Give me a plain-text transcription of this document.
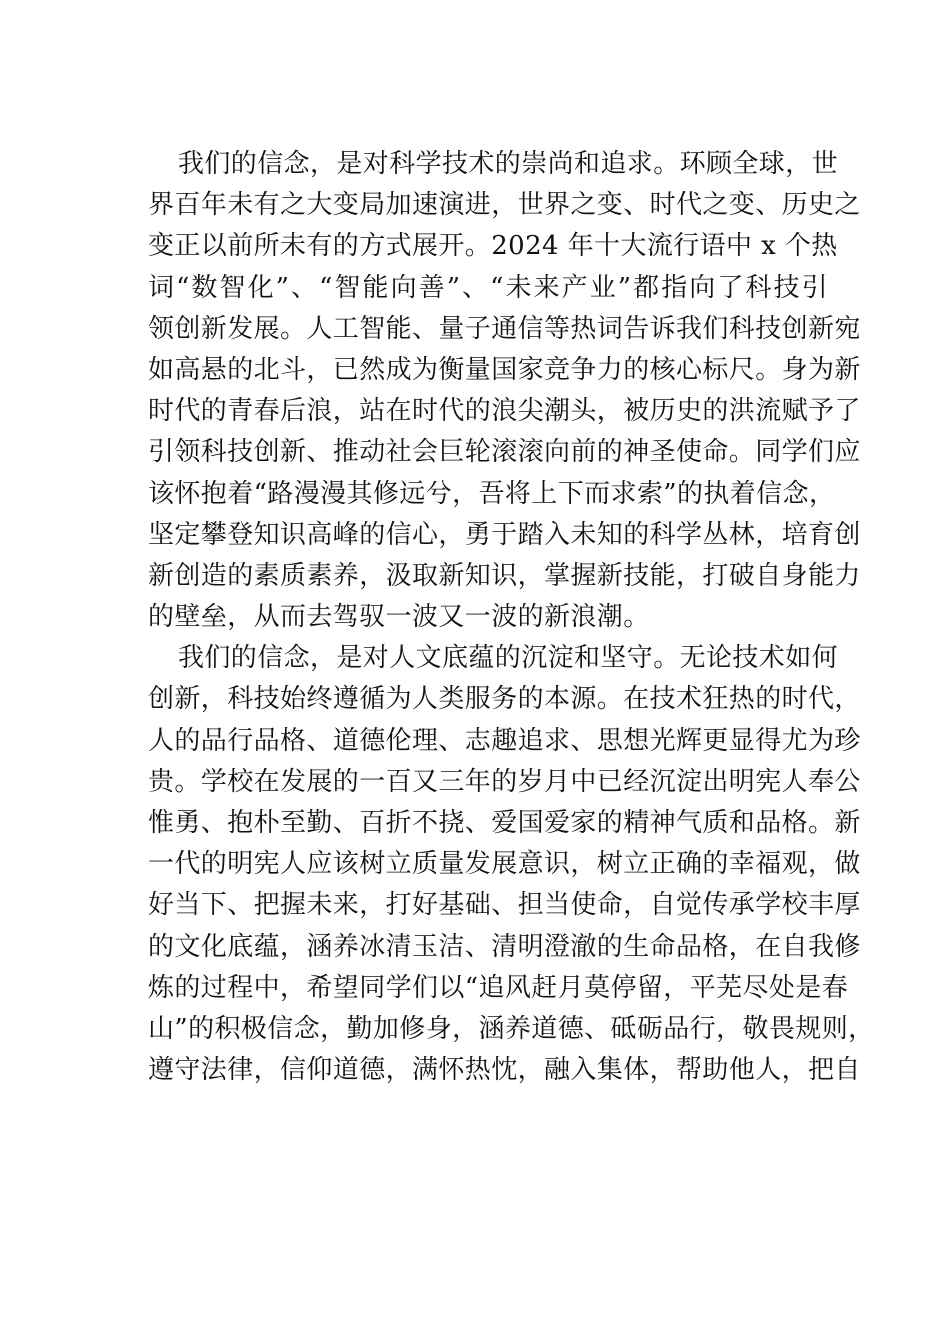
我们的信念，是对科学技术的崇尚和追求。环顾全球，世
界百年未有之大变局加速演进，世界之变、时代之变、历史之
变正以前所未有的方式展开。2024 年十大流行语中 x 个热
词“数智化”、“智能向善”、“未来产业”都指向了科技引
领创新发展。人工智能、量子通信等热词告诉我们科技创新宛
如高悬的北斗，已然成为衡量国家竞争力的核心标尺。身为新
时代的青春后浪，站在时代的浪尖潮头，被历史的洪流赋予了
引领科技创新、推动社会巨轮滚滚向前的神圣使命。同学们应
该怀抱着“路漫漫其修远兮，吾将上下而求索”的执着信念，
坚定攀登知识高峰的信心，勇于踏入未知的科学丛林，培育创
新创造的素质素养，汲取新知识，掌握新技能，打破自身能力
的壁垒，从而去驾驭一波又一波的新浪潮。
我们的信念，是对人文底蕴的沉淀和坚守。无论技术如何
创新，科技始终遵循为人类服务的本源。在技术狂热的时代，
人的品行品格、道德伦理、志趣追求、思想光辉更显得尤为珍
贵。学校在发展的一百又三年的岁月中已经沉淀出明宪人奉公
惟勇、抱朴至勤、百折不挠、爱国爱家的精神气质和品格。新
一代的明宪人应该树立质量发展意识，树立正确的幸福观，做
好当下、把握未来，打好基础、担当使命，自觉传承学校丰厚
的文化底蕴，涵养冰清玉洁、清明澄澈的生命品格，在自我修
炼的过程中，希望同学们以“追风赶月莫停留，平芜尽处是春
山”的积极信念，勤加修身，涵养道德、砥砺品行，敬畏规则，
遵守法律，信仰道德，满怀热忱，融入集体，帮助他人，把自
